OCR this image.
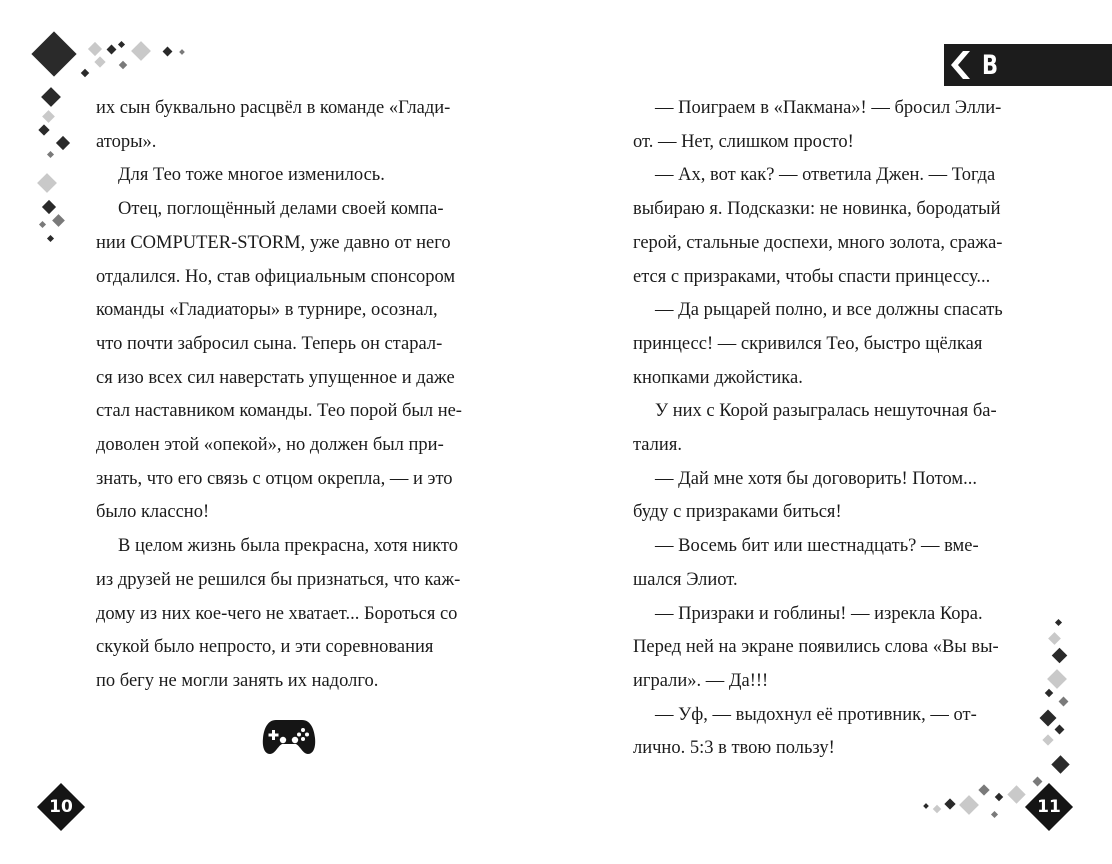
их сын буквально расцвёл в команде «Глади-
аторы».

Для Тео тоже многое изменилось.

Отец, поглощённый делами своей компа-
нии COMPUTER-STORM, уже давно от него
отдалился. Но, став официальным спонсором
команды «Гладиаторы» в турнире, осознал,
что почти забросил сына. Теперь он старал-
ся изо всех сил наверстать упущенное и даже
стал наставником команды. Тео порой был не-
доволен этой «опекой», но должен был при-
знать, что его связь с отцом окрепла, — и это
было классно!

В целом жизнь была прекрасна, хотя никто
из друзей не решился бы признаться, что каж-
дому из них кое-чего не хватает... Бороться со
скукой было непросто, и эти соревнования
по бегу не могли занять их надолго.

10
В РЕАЛЕ

— Поиграем в «Пакмана»! — бросил Элли-
от. — Нет, слишком просто!

— Ах, вот как? — ответила Джен. — Тогда
выбираю я. Подсказки: не новинка, бородатый
герой, стальные доспехи, много золота, сража-
ется с призраками, чтобы спасти принцессу...

— Да рыцарей полно, и все должны спасать
принцесс! — скривился Тео, быстро щёлкая
кнопками джойстика.

У них с Корой разыгралась нешуточная ба-
талия.

— Дай мне хотя бы договорить! Потом...
буду с призраками биться!

— Восемь бит или шестнадцать? — вме-
шался Элиот.

— Призраки и гоблины! — изрекла Кора.
Перед ней на экране появились слова «Вы вы-
играли». — Да!!!

— Уф, — выдохнул её противник, — от-
лично. 5:3 в твою пользу!

11
